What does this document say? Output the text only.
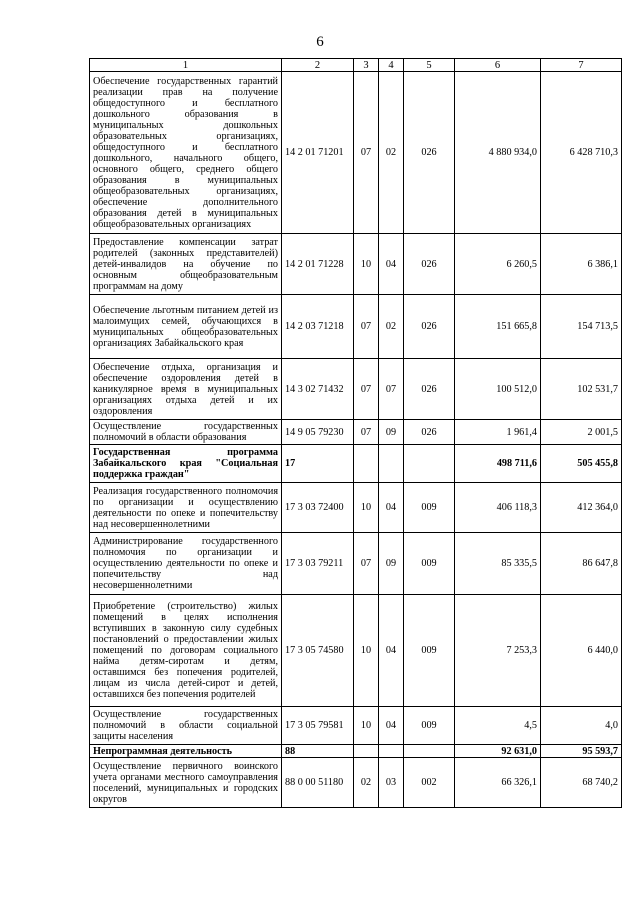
6
1	2	3	4	5	6	7
Обеспечение государственных гарантий реализации прав на получение общедоступного и бесплатного дошкольного образования в муниципальных дошкольных образовательных организациях, общедоступного и бесплатного дошкольного, начального общего, основного общего, среднего общего образования в муниципальных общеобразовательных организациях, обеспечение дополнительного образования детей в муниципальных общеобразовательных организациях	14 2 01 71201	07	02	026	4 880 934,0	6 428 710,3
Предоставление компенсации затрат родителей (законных представителей) детей-инвалидов на обучение по основным общеобразовательным программам на дому	14 2 01 71228	10	04	026	6 260,5	6 386,1
Обеспечение льготным питанием детей из малоимущих семей, обучающихся в муниципальных общеобразовательных организациях Забайкальского края	14 2 03 71218	07	02	026	151 665,8	154 713,5
Обеспечение отдыха, организация и обеспечение оздоровления детей в каникулярное время в муниципальных организациях отдыха детей и их оздоровления	14 3 02 71432	07	07	026	100 512,0	102 531,7
Осуществление государственных полномочий в области образования	14 9 05 79230	07	09	026	1 961,4	2 001,5
Государственная программа Забайкальского края "Социальная поддержка граждан"	17				498 711,6	505 455,8
Реализация государственного полномочия по организации и осуществлению деятельности по опеке и попечительству над несовершеннолетними	17 3 03 72400	10	04	009	406 118,3	412 364,0
Администрирование государственного полномочия по организации и осуществлению деятельности по опеке и попечительству над несовершеннолетними	17 3 03 79211	07	09	009	85 335,5	86 647,8
Приобретение (строительство) жилых помещений в целях исполнения вступивших в законную силу судебных постановлений о предоставлении жилых помещений по договорам социального найма детям-сиротам и детям, оставшимся без попечения родителей, лицам из числа детей-сирот и детей, оставшихся без попечения родителей	17 3 05 74580	10	04	009	7 253,3	6 440,0
Осуществление государственных полномочий в области социальной защиты населения	17 3 05 79581	10	04	009	4,5	4,0
Непрограммная деятельность	88				92 631,0	95 593,7
Осуществление первичного воинского учета органами местного самоуправления поселений, муниципальных и городских округов	88 0 00 51180	02	03	002	66 326,1	68 740,2
